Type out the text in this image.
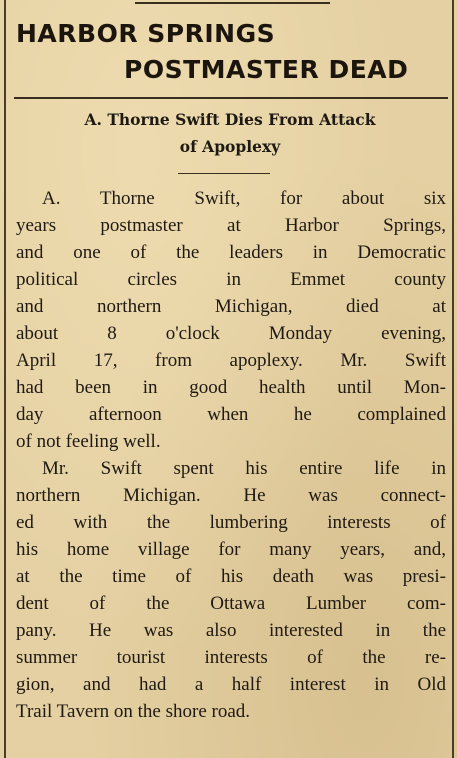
HARBOR SPRINGS
POSTMASTER DEAD

A. Thorne Swift Dies From Attack

of Apoplexy

A. Thorne Swift, for about six

years postmaster at Harbor Springs,

and one of the leaders in Democratic

political circles in Emmet county

and northern Michigan, died at

about 8 o'clock Monday evening,

April 17, from apoplexy. Mr. Swift

had been in good health until Mon-

day afternoon when he complained

of not feeling well.

Mr. Swift spent his entire life in

northern Michigan. He was connect-

ed with the lumbering interests of

his home village for many years, and,

at the time of his death was presi-

dent of the Ottawa Lumber com-

pany. He was also interested in the

summer tourist interests of the re-

gion, and had a half interest in Old

Trail Tavern on the shore road.
